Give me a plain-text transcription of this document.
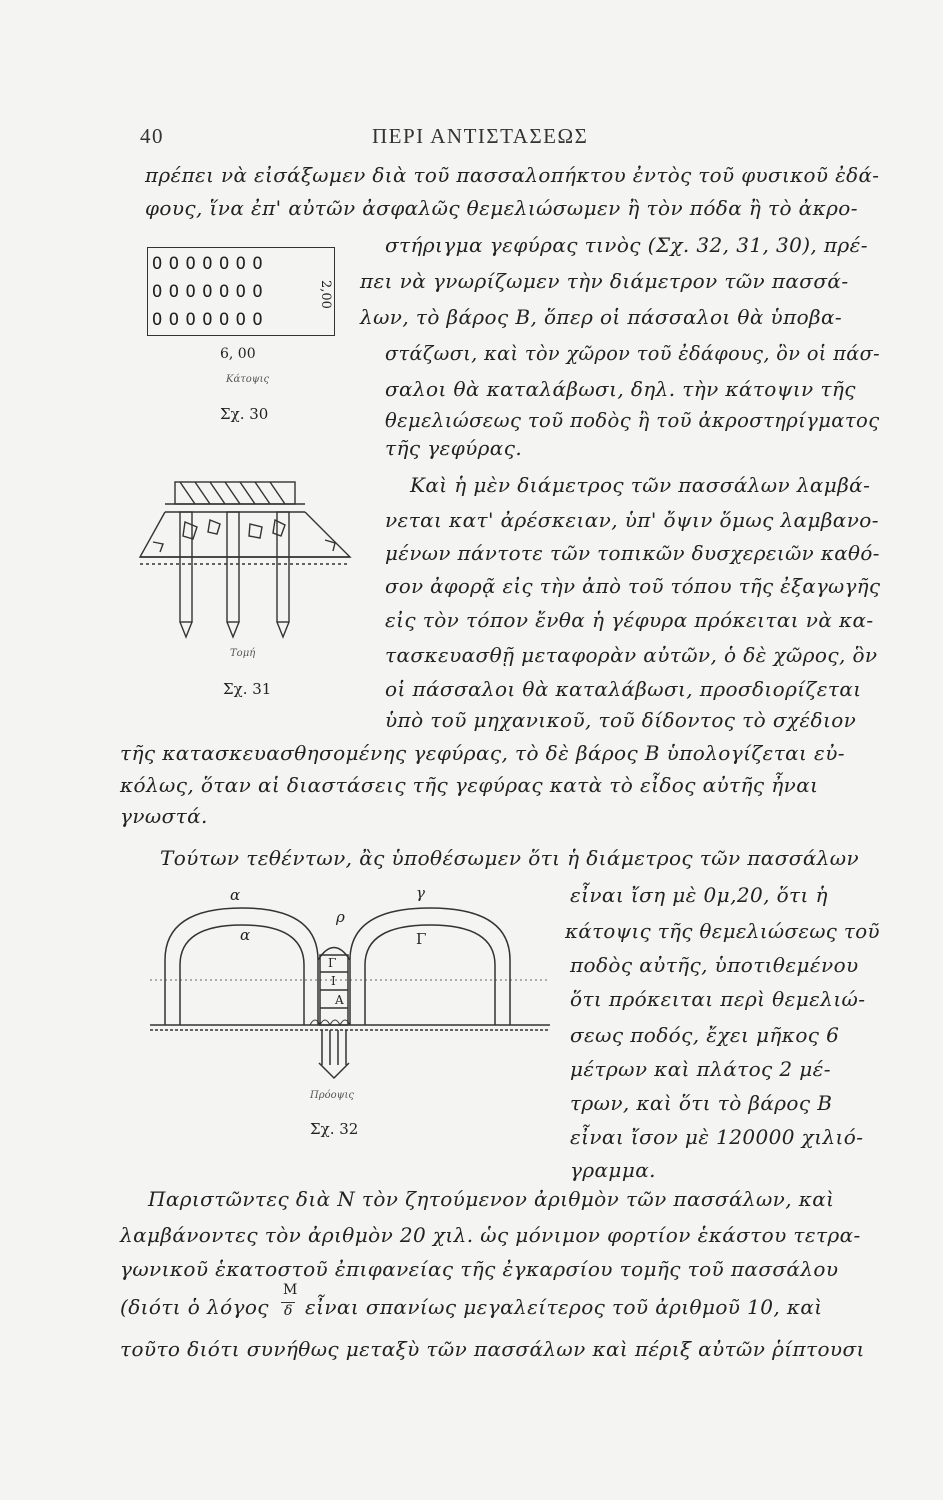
40	ΠΕΡΙ ΑΝΤΙΣΤΑΣΕΩΣ
πρέπει νὰ εἰσάξωμεν διὰ τοῦ πασσαλοπήκτου ἐντὸς τοῦ φυσικοῦ ἐδά-
φους, ἵνα ἐπ' αὐτῶν ἀσφαλῶς θεμελιώσωμεν ἢ τὸν πόδα ἢ τὸ ἀκρο-
ΟΟΟΟΟΟΟ
ΟΟΟΟΟΟΟ
ΟΟΟΟΟΟΟ
2,00
6, 00
Κάτοψις
Σχ. 30
στήριγμα γεφύρας τινὸς (Σχ. 32, 31, 30), πρέ-
πει νὰ γνωρίζωμεν τὴν διάμετρον τῶν πασσά-
λων, τὸ βάρος Β, ὅπερ οἱ πάσσαλοι θὰ ὑποβα-
στάζωσι, καὶ τὸν χῶρον τοῦ ἐδάφους, ὃν οἱ πάσ-
σαλοι θὰ καταλάβωσι, δηλ. τὴν κάτοψιν τῆς
θεμελιώσεως τοῦ ποδὸς ἢ τοῦ ἀκροστηρίγματος
τῆς γεφύρας.
Τομή
Σχ. 31
Καὶ ἡ μὲν διάμετρος τῶν πασσάλων λαμβά-
νεται κατ' ἀρέσκειαν, ὑπ' ὄψιν ὅμως λαμβανο-
μένων πάντοτε τῶν τοπικῶν δυσχερειῶν καθό-
σον ἀφορᾷ εἰς τὴν ἀπὸ τοῦ τόπου τῆς ἐξαγωγῆς
εἰς τὸν τόπον ἔνθα ἡ γέφυρα πρόκειται νὰ κα-
τασκευασθῇ μεταφορὰν αὐτῶν, ὁ δὲ χῶρος, ὃν
οἱ πάσσαλοι θὰ καταλάβωσι, προσδιορίζεται
ὑπὸ τοῦ μηχανικοῦ, τοῦ δίδοντος τὸ σχέδιον
τῆς κατασκευασθησομένης γεφύρας, τὸ δὲ βάρος Β ὑπολογίζεται εὐ-
κόλως, ὅταν αἱ διαστάσεις τῆς γεφύρας κατὰ τὸ εἶδος αὐτῆς ἦναι
γνωστά.
Τούτων τεθέντων, ἂς ὑποθέσωμεν ὅτι ἡ διάμετρος τῶν πασσάλων
α
α
γ
Γ
ρ
Γ
Ι
Α
Πρόοψις
Σχ. 32
εἶναι ἴση μὲ 0μ,20, ὅτι ἡ
κάτοψις τῆς θεμελιώσεως τοῦ
ποδὸς αὐτῆς, ὑποτιθεμένου
ὅτι πρόκειται περὶ θεμελιώ-
σεως ποδός, ἔχει μῆκος 6
μέτρων καὶ πλάτος 2 μέ-
τρων, καὶ ὅτι τὸ βάρος Β
εἶναι ἴσον μὲ 120000 χιλιό-
γραμμα.
Παριστῶντες διὰ Ν τὸν ζητούμενον ἀριθμὸν τῶν πασσάλων, καὶ
λαμβάνοντες τὸν ἀριθμὸν 20 χιλ. ὡς μόνιμον φορτίον ἑκάστου τετρα-
γωνικοῦ ἑκατοστοῦ ἐπιφανείας τῆς ἐγκαρσίου τομῆς τοῦ πασσάλου
(διότι ὁ λόγος
M
δ εἶναι σπανίως μεγαλείτερος τοῦ ἀριθμοῦ 10, καὶ
τοῦτο διότι συνήθως μεταξὺ τῶν πασσάλων καὶ πέριξ αὐτῶν ῥίπτουσι
